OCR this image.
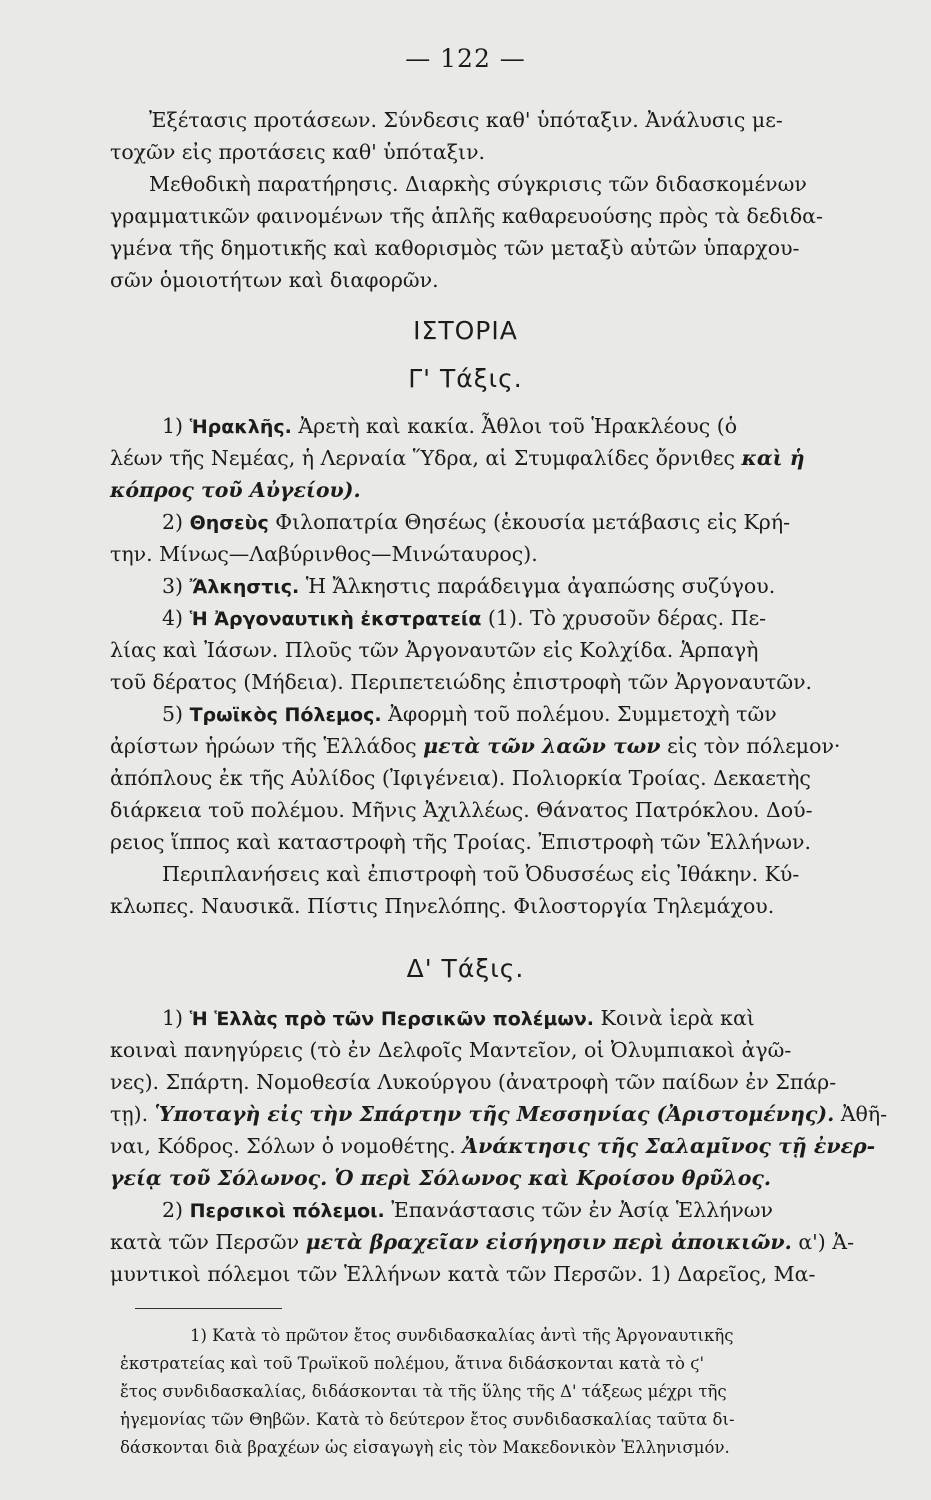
— 122 —
Ἐξέτασις προτάσεων. Σύνδεσις καθ' ὑπόταξιν. Ἀνάλυσις με-
τοχῶν εἰς προτάσεις καθ' ὑπόταξιν.
Μεθοδικὴ παρατήρησις. Διαρκὴς σύγκρισις τῶν διδασκομένων
γραμματικῶν φαινομένων τῆς ἁπλῆς καθαρευούσης πρὸς τὰ δεδιδα-
γμένα τῆς δημοτικῆς καὶ καθορισμὸς τῶν μεταξὺ αὐτῶν ὑπαρχου-
σῶν ὁμοιοτήτων καὶ διαφορῶν.
ΙΣΤΟΡΙΑ
Γ' Τάξις.
1) Ἡρακλῆς. Ἀρετὴ καὶ κακία. Ἆθλοι τοῦ Ἡρακλέους (ὁ
λέων τῆς Νεμέας, ἡ Λερναία Ὕδρα, αἱ Στυμφαλίδες ὄρνιθες καὶ ἡ
κόπρος τοῦ Αὐγείου).
2) Θησεὺς Φιλοπατρία Θησέως (ἑκουσία μετάβασις εἰς Κρή-
την. Μίνως—Λαβύρινθος—Μινώταυρος).
3) Ἄλκηστις. Ἡ Ἄλκηστις παράδειγμα ἀγαπώσης συζύγου.
4) Ἡ Ἀργοναυτικὴ ἐκστρατεία (1). Τὸ χρυσοῦν δέρας. Πε-
λίας καὶ Ἰάσων. Πλοῦς τῶν Ἀργοναυτῶν εἰς Κολχίδα. Ἁρπαγὴ
τοῦ δέρατος (Μήδεια). Περιπετειώδης ἐπιστροφὴ τῶν Ἀργοναυτῶν.
5) Τρωϊκὸς Πόλεμος. Ἀφορμὴ τοῦ πολέμου. Συμμετοχὴ τῶν
ἀρίστων ἡρώων τῆς Ἑλλάδος μετὰ τῶν λαῶν των εἰς τὸν πόλεμον·
ἀπόπλους ἐκ τῆς Αὐλίδος (Ἰφιγένεια). Πολιορκία Τροίας. Δεκαετὴς
διάρκεια τοῦ πολέμου. Μῆνις Ἀχιλλέως. Θάνατος Πατρόκλου. Δού-
ρειος ἵππος καὶ καταστροφὴ τῆς Τροίας. Ἐπιστροφὴ τῶν Ἑλλήνων.
Περιπλανήσεις καὶ ἐπιστροφὴ τοῦ Ὀδυσσέως εἰς Ἰθάκην. Κύ-
κλωπες. Ναυσικᾶ. Πίστις Πηνελόπης. Φιλοστοργία Τηλεμάχου.
Δ' Τάξις.
1) Ἡ Ἑλλὰς πρὸ τῶν Περσικῶν πολέμων. Κοινὰ ἱερὰ καὶ
κοιναὶ πανηγύρεις (τὸ ἐν Δελφοῖς Μαντεῖον, οἱ Ὀλυμπιακοὶ ἀγῶ-
νες). Σπάρτη. Νομοθεσία Λυκούργου (ἀνατροφὴ τῶν παίδων ἐν Σπάρ-
τῃ). Ὑποταγὴ εἰς τὴν Σπάρτην τῆς Μεσσηνίας (Ἀριστομένης). Ἀθῆ-
ναι, Κόδρος. Σόλων ὁ νομοθέτης. Ἀνάκτησις τῆς Σαλαμῖνος τῇ ἐνερ-
γείᾳ τοῦ Σόλωνος. Ὁ περὶ Σόλωνος καὶ Κροίσου θρῦλος.
2) Περσικοὶ πόλεμοι. Ἐπανάστασις τῶν ἐν Ἀσίᾳ Ἑλλήνων
κατὰ τῶν Περσῶν μετὰ βραχεῖαν εἰσήγησιν περὶ ἀποικιῶν. α') Ἀ-
μυντικοὶ πόλεμοι τῶν Ἑλλήνων κατὰ τῶν Περσῶν. 1) Δαρεῖος, Μα-
1) Κατὰ τὸ πρῶτον ἔτος συνδιδασκαλίας ἀντὶ τῆς Ἀργοναυτικῆς
ἐκστρατείας καὶ τοῦ Τρωϊκοῦ πολέμου, ἅτινα διδάσκονται κατὰ τὸ ϛ'
ἔτος συνδιδασκαλίας, διδάσκονται τὰ τῆς ὕλης τῆς Δ' τάξεως μέχρι τῆς
ἡγεμονίας τῶν Θηβῶν. Κατὰ τὸ δεύτερον ἔτος συνδιδασκαλίας ταῦτα δι-
δάσκονται διὰ βραχέων ὡς εἰσαγωγὴ εἰς τὸν Μακεδονικὸν Ἑλληνισμόν.
